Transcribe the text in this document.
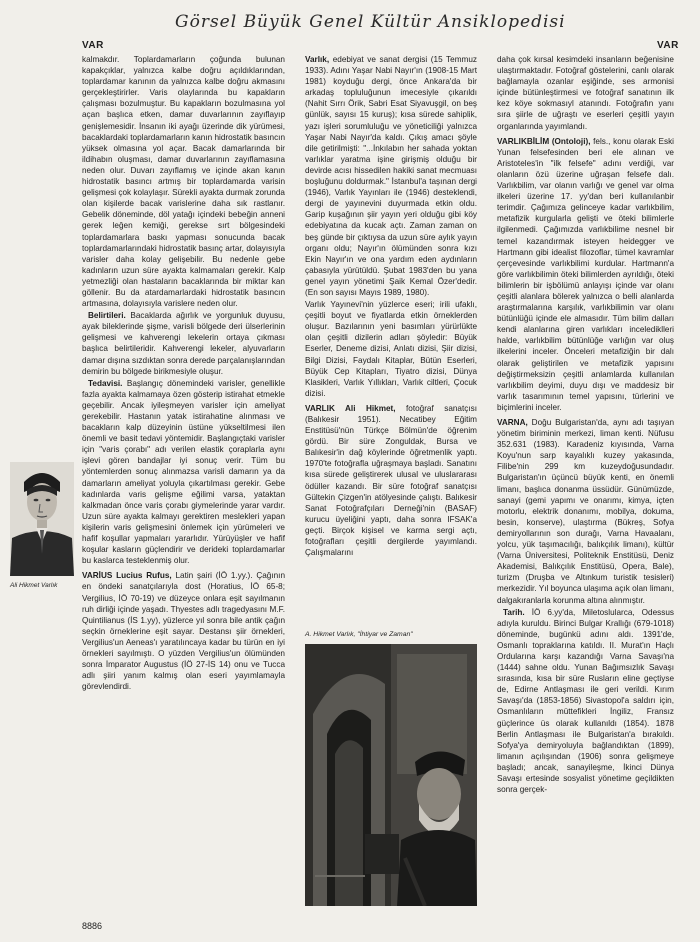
Görsel Büyük Genel Kültür Ansiklopedisi
VAR	VAR

kalmakdır. Toplardamarların çoğunda bulunan kapakçıklar, yalnızca kalbe doğru açıldıklarından, toplardamar kanının da yalnızca kalbe doğru akmasını gerçekleştirirler. Varis olaylarında bu kapakların çalışması bozulmuştur. Bu kapakların bozulmasına yol açan başlıca etken, damar duvarlarının zayıflayıp genişlemesidir. İnsanın iki ayağı üzerinde dik yürümesi, bacaklardaki toplardamarların kanın hidrostatik basıncın yüksek olmasına yol açar. Bacak damarlarında bir ildihabın oluşması, damar duvarlarının zayıflamasına neden olur. Duvarı zayıflamış ve içinde akan kanın hidrostatik basıncı artmış bir toplardamarda varisin gelişmesi çok kolaylaşır. Sürekli ayakta durmak zorunda olan kişilerde bacak varislerine daha sık rastlanır. Gebelik döneminde, döl yatağı içindeki bebeğin anneni gerek leğen kemiği, gerekse sırt bölgesindeki toplardamarlara baskı yapması sonucunda bacak toplardamarlarındaki hidrostatik basınç artar, dolayısıyla varisler daha kolay gelişebilir. Bu nedenle gebe kadınların uzun süre ayakta kalmamaları gerekir. Kalp yetmezliği olan hastaların bacaklarında bir miktar kan göllenir. Bu da atardamarlardaki hidrostatik basıncın artmasına, dolayısıyla varislere neden olur.

Belirtileri. Bacaklarda ağırlık ve yorgunluk duyusu, ayak bileklerinde şişme, varisli bölgede deri ülserlerinin gelişmesi ve kahverengi lekelerin ortaya çıkması başlıca belirtileridir. Kahverengi lekeler, alyuvarların damar dışına sızdıktan sonra derede parçalanışlarından demirin bu bölgede birikmesiyle oluşur.

Tedavisi. Başlangıç dönemindeki varisler, genellikle fazla ayakta kalmamaya özen gösterip istirahat etmekle geçebilir. Ancak iyileşmeyen varisler için ameliyat gerekebilir. Hastanın yatak istirahatine alınması ve bacakların kalp düzeyinin üstüne yükseltilmesi ilen önemli ve basit tedavi yöntemidir. Başlangıçtaki varisler için "varis çorabı" adı verilen elastik çoraplarla aynı işlevi gören bandajlar iyi sonuç verir. Tüm bu yöntemlerden sonuç alınmazsa varisli damarın ya da damarların ameliyat yoluyla çıkartılması gerekir. Gebe kadınlarda varis gelişme eğilimi varsa, yataktan kalkmadan önce varis çorabı giymelerinde yarar vardır. Uzun süre ayakta kalmayı gerektiren meslekleri yapan kişilerin varis gelişmesini önlemek için yürümeleri ve hafif koşullar yapmaları yararlıdır. Yürüyüşler ve hafif koşular kasların güçlendirir ve derideki toplardamarlar bu kaslarca testeklenmiş olur.

VARİUS Lucius Rufus, Latin şairi (İÖ 1.yy.). Çağının en öndeki sanatçılarıyla dost (Horatius, İÖ 65-8; Vergilius, İÖ 70-19) ve düzeyce onlara eşit sayılmanın ruh dirliği içinde yaşadı. Thyestes adlı tragedyasını M.F. Quintilianus (İS 1.yy), yüzlerce yıl sonra bile antik çağın seçkin örneklerine eşit sayar. Destansı şiir örnekleri, Vergilius'un Aeneas'ı yaratılıncaya kadar bu türün en iyi örnekleri sayılmıştı. O yüzden Vergilius'un ölümünden sonra İmparator Augustus (İÖ 27-İS 14) onu ve Tucca adlı şiiri yanım kalmış olan eseri yayımlamayla görevlendirdi.

Ali Hikmet Varlık

Varlık, edebiyat ve sanat dergisi (15 Temmuz 1933). Adını Yaşar Nabi Nayır'ın (1908-15 Mart 1981) koyduğu dergi, önce Ankara'da bir arkadaş topluluğunun imecesiyle çıkarıldı (Nahit Sırrı Örik, Sabri Esat Siyavuşgil, on beş günlük, sayısı 15 kuruş); kısa sürede sahiplik, yazı işleri sorumluluğu ve yöneticiliği yalnızca Yaşar Nabi Nayır'da kaldı. Çıkış amacı şöyle dile getirilmişti: "...İnkılabın her sahada yoktan varlıklar yaratma işine girişmiş olduğu bir devirde acısı hissedilen hakiki sanat mecmuası boşluğunu doldurmak." İstanbul'a taşınan dergi (1946), Varlık Yayınları ile (1946) desteklendi, dergi de yayınevini duyurmada etkin oldu. Garip kuşağının şiir yayın yeri olduğu gibi köy edebiyatına da kucak açtı. Zaman zaman on beş günde bir çıktıysa da uzun süre aylık yayın organı oldu; Nayır'ın ölümünden sonra kızı Ekin Nayır'ın ve ona yardım eden aydınların çabasıyla yürütüldü. Şubat 1983'den bu yana genel yayın yönetimi Şaik Kemal Özer'dedir. (En son sayısı Mayıs 1989, 1980).

Varlık Yayınevi'nin yüzlerce eseri; irili ufaklı, çeşitli boyut ve fiyatlarda etkin örneklerden oluşur. Bazılarının yeni basımları yürürlükte olan çeşitli dizilerin adları şöyledir: Büyük Eserler, Deneme dizisi, Anlatı dizisi, Şiir dizisi, Bilgi Dizisi, Faydalı Kitaplar, Bütün Eserleri, Büyük Cep Kitapları, Tiyatro dizisi, Dünya Klasikleri, Varlık Yıllıkları, Varlık ciltleri, Çocuk dizisi.

VARLIK Ali Hikmet, fotoğraf sanatçısı (Balıkesir 1951). Necatibey Eğitim Enstitüsü'nün Türkçe Bölmün'de öğrenim gördü. Bir süre Zonguldak, Bursa ve Balıkesir'in dağ köylerinde öğretmenlik yaptı. 1970'te fotoğrafla uğraşmaya başladı. Sanatını kısa sürede geliştirerek ulusal ve uluslararası ödüller kazandı. Bir süre fotoğraf sanatçısı Gültekin Çizgen'in atölyesinde çalıştı. Balıkesir Sanat Fotoğrafçıları Derneği'nin (BASAF) kurucu üyeliğini yaptı, daha sonra IFSAK'a geçti. Birçok kişisel ve karma sergi açtı, fotoğrafları çeşitli dergilerde yayımlandı. Çalışmalarını

A. Hikmet Varlık, "İhtiyar ve Zaman"

daha çok kırsal kesimdeki insanların beğenisine ulaştırmaktadır. Fotoğraf göstelerini, canlı olarak bağlamayla ozanlar eşiğinde, ses armonisi içinde bütünleştirmesi ve fotoğraf sanatının ilk kez köye sokmasıyl atanındı. Fotoğrafın yanı sıra şiirle de uğraştı ve eserleri çeşitli yayın organlarında yayımlandı.

VARLIKBİLİM (Ontoloji), fels., konu olarak Eski Yunan felsefesinden beri ele alınan ve Aristoteles'in "ilk felsefe" adını verdiği, var olanların özü üzerine uğraşan felsefe dalı. Varlıkbilim, var olanın varlığı ve genel var olma ilkeleri üzerine 17. yy'dan beri kullanılanbir terimdir. Çağımıza gelinceye kadar varlıkbilim, metafizik kurgularla gelişti ve öteki bilimlerle ilgilenmedi. Çağımızda varlıkbilime nesnel bir temel kazandırmak isteyen heidegger ve Hartmann gibi idealist filozoflar, tümel kavramlar çerçevesinde varlıkbilimi kurdular. Hartmann'a göre varlıkbilimin öteki bilimlerden ayrıldığı, öteki bilimlerin bir işbölümü anlayışı içinde var olanı çeşitli alanlara bölerek yalnızca o belli alanlarda araştırmalarına karşılık, varlıkbilimin var olanı bütünlüğü içinde ele almasıdır. Tüm bilim dalları kendi alanlarına giren varlıkları incelediklleri halde, varlıkbilim bütünlüğe varlığın var oluş ilkelerini inceler. Önceleri metafiziğin bir dalı olarak geliştirilen ve metafizik yapısını değiştirmeksizin çeşitli anlamlarda kullanılan varlıkbilim deyimi, duyu dışı ve maddesiz bir varlık tasarımının temel yapısını, türlerini ve biçimlerini inceler.

VARNA, Doğu Bulgaristan'da, aynı adı taşıyan yönetim biriminin merkezi, liman kenti. Nüfusu 352.631 (1983). Karadeniz kıyısında, Varna Koyu'nun sarp kayalıklı kuzey yakasında, Filibe'nin 299 km kuzeydoğusundadır. Bulgaristan'ın üçüncü büyük kenti, en önemli limanı, başlıca donanma üssüdür. Günümüzde, sanayi (gemi yapımı ve onarımı, kimya, içten motorlu, elektrik donanımı, mobilya, dokuma, besin, konserve), ulaştırma (Bükreş, Sofya demiryollarının son durağı, Varna Havaalanı, yolcu, yük taşımacılığı, balıkçılık limanı), kültür (Varna Üniversitesi, Politeknik Enstitüsü, Deniz Akademisi, Balıkçılık Enstitüsü, Opera, Bale), turizm (Druşba ve Altınkum turistik tesisleri) merkezidir. Yıl boyunca ulaşıma açık olan limanı, dalgakıranlarla korunma altına alınmıştır.

Tarih. İÖ 6.yy'da, Miletoslularca, Odessus adıyla kuruldu. Birinci Bulgar Krallığı (679-1018) döneminde, bugünkü adını aldı. 1391'de, Osmanlı topraklarına katıldı. II. Murat'ın Haçlı Ordularına karşı kazandığı Varna Savaşı'na (1444) sahne oldu. Yunan Bağımsızlık Savaşı sırasında, kısa bir süre Rusların eline geçtiyse de, Edirne Antlaşması ile geri verildi. Kırım Savaşı'da (1853-1856) Sivastopol'a saldırı için, Osmanlıların müttefikleri İngiliz, Fransız güçlerince üs olarak kullanıldı (1854). 1878 Berlin Antlaşması ile Bulgaristan'a bırakıldı. Sofya'ya demiryoluyla bağlandıktan (1899), limanın açılışından (1906) sonra gelişmeye başladı; ancak, sanayileşme, İkinci Dünya Savaşı ertesinde sosyalist yönetime geçildikten sonra gerçek-

8886
